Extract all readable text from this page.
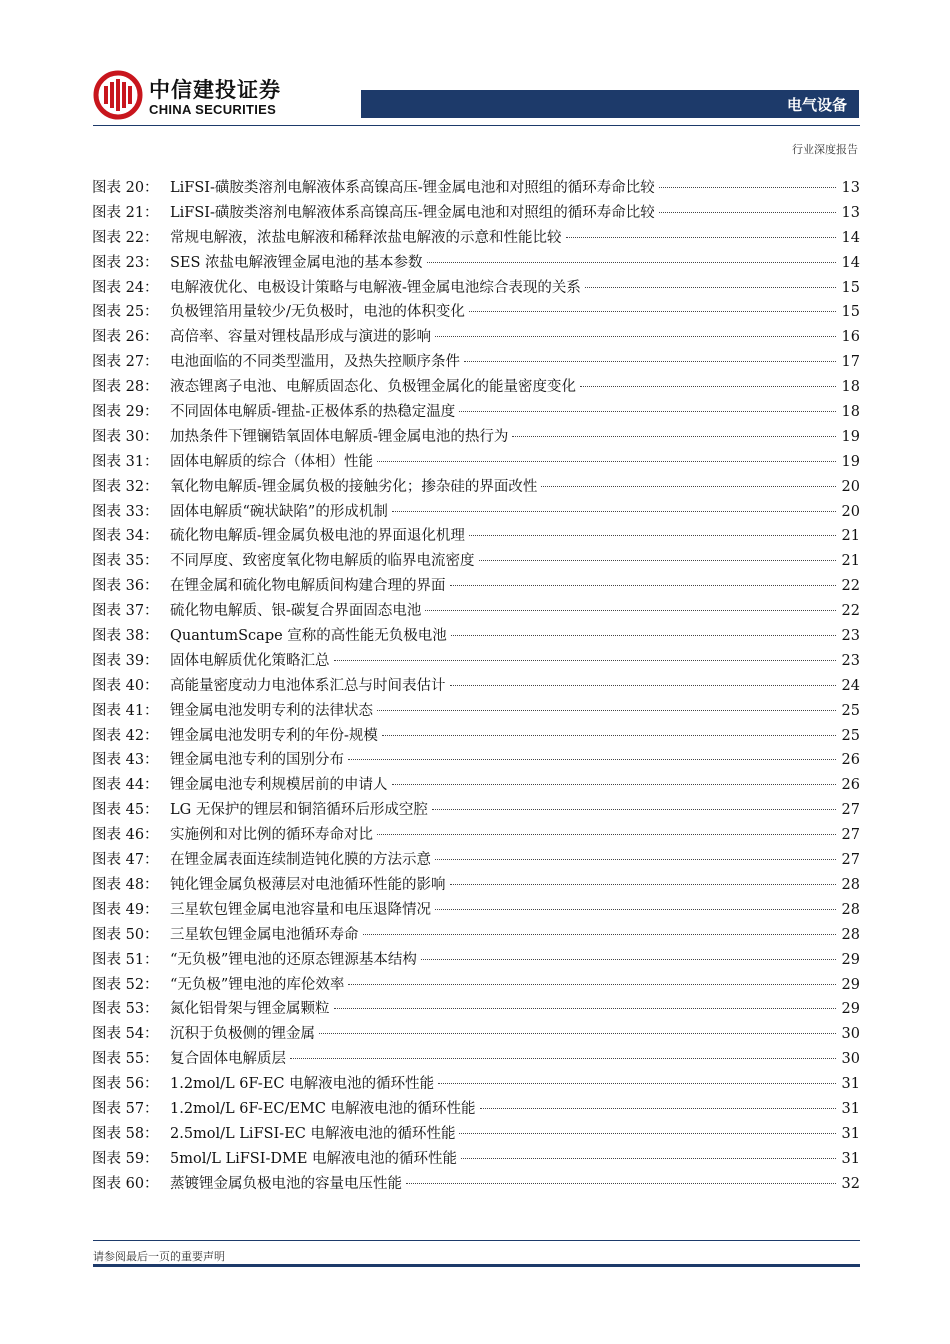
中信建投证券
CHINA SECURITIES	电气设备
行业深度报告
图表 20： LiFSI-磺胺类溶剂电解液体系高镍高压-锂金属电池和对照组的循环寿命比较	13
图表 21： LiFSI-磺胺类溶剂电解液体系高镍高压-锂金属电池和对照组的循环寿命比较	13
图表 22： 常规电解液，浓盐电解液和稀释浓盐电解液的示意和性能比较	14
图表 23： SES 浓盐电解液锂金属电池的基本参数	14
图表 24： 电解液优化、电极设计策略与电解液-锂金属电池综合表现的关系	15
图表 25： 负极锂箔用量较少/无负极时，电池的体积变化	15
图表 26： 高倍率、容量对锂枝晶形成与演进的影响	16
图表 27： 电池面临的不同类型滥用，及热失控顺序条件	17
图表 28： 液态锂离子电池、电解质固态化、负极锂金属化的能量密度变化	18
图表 29： 不同固体电解质-锂盐-正极体系的热稳定温度	18
图表 30： 加热条件下锂镧锆氧固体电解质-锂金属电池的热行为	19
图表 31： 固体电解质的综合（体相）性能	19
图表 32： 氧化物电解质-锂金属负极的接触劣化；掺杂硅的界面改性	20
图表 33： 固体电解质“碗状缺陷”的形成机制	20
图表 34： 硫化物电解质-锂金属负极电池的界面退化机理	21
图表 35： 不同厚度、致密度氧化物电解质的临界电流密度	21
图表 36： 在锂金属和硫化物电解质间构建合理的界面	22
图表 37： 硫化物电解质、银-碳复合界面固态电池	22
图表 38： QuantumScape 宣称的高性能无负极电池	23
图表 39： 固体电解质优化策略汇总	23
图表 40： 高能量密度动力电池体系汇总与时间表估计	24
图表 41： 锂金属电池发明专利的法律状态	25
图表 42： 锂金属电池发明专利的年份-规模	25
图表 43： 锂金属电池专利的国别分布	26
图表 44： 锂金属电池专利规模居前的申请人	26
图表 45： LG 无保护的锂层和铜箔循环后形成空腔	27
图表 46： 实施例和对比例的循环寿命对比	27
图表 47： 在锂金属表面连续制造钝化膜的方法示意	27
图表 48： 钝化锂金属负极薄层对电池循环性能的影响	28
图表 49： 三星软包锂金属电池容量和电压退降情况	28
图表 50： 三星软包锂金属电池循环寿命	28
图表 51： “无负极”锂电池的还原态锂源基本结构	29
图表 52： “无负极”锂电池的库伦效率	29
图表 53： 氮化铝骨架与锂金属颗粒	29
图表 54： 沉积于负极侧的锂金属	30
图表 55： 复合固体电解质层	30
图表 56： 1.2mol/L 6F-EC 电解液电池的循环性能	31
图表 57： 1.2mol/L 6F-EC/EMC 电解液电池的循环性能	31
图表 58： 2.5mol/L LiFSI-EC 电解液电池的循环性能	31
图表 59： 5mol/L LiFSI-DME 电解液电池的循环性能	31
图表 60： 蒸镀锂金属负极电池的容量电压性能	32
请参阅最后一页的重要声明
